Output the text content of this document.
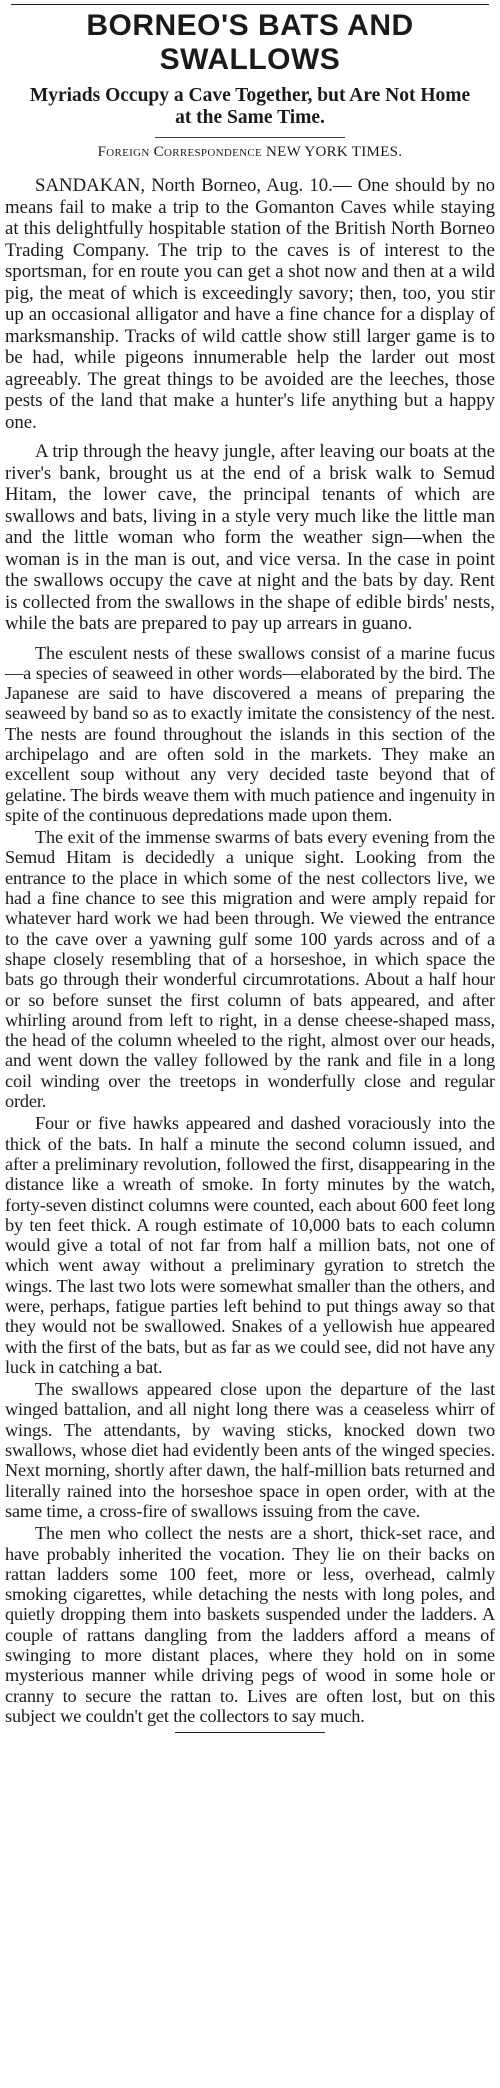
BORNEO'S BATS AND SWALLOWS
Myriads Occupy a Cave Together, but Are Not Home at the Same Time.
Foreign Correspondence NEW YORK TIMES.

SANDAKAN, North Borneo, Aug. 10.— One should by no means fail to make a trip to the Gomanton Caves while staying at this delightfully hospitable station of the British North Borneo Trading Company. The trip to the caves is of interest to the sportsman, for en route you can get a shot now and then at a wild pig, the meat of which is exceedingly savory; then, too, you stir up an occasional alligator and have a fine chance for a display of marksmanship. Tracks of wild cattle show still larger game is to be had, while pigeons innumerable help the larder out most agreeably. The great things to be avoided are the leeches, those pests of the land that make a hunter's life anything but a happy one.

A trip through the heavy jungle, after leaving our boats at the river's bank, brought us at the end of a brisk walk to Semud Hitam, the lower cave, the principal tenants of which are swallows and bats, living in a style very much like the little man and the little woman who form the weather sign—when the woman is in the man is out, and vice versa. In the case in point the swallows occupy the cave at night and the bats by day. Rent is collected from the swallows in the shape of edible birds' nests, while the bats are prepared to pay up arrears in guano.

The esculent nests of these swallows consist of a marine fucus—a species of seaweed in other words—elaborated by the bird. The Japanese are said to have discovered a means of preparing the seaweed by band so as to exactly imitate the consistency of the nest. The nests are found throughout the islands in this section of the archipelago and are often sold in the markets. They make an excellent soup without any very decided taste beyond that of gelatine. The birds weave them with much patience and ingenuity in spite of the continuous depredations made upon them.

The exit of the immense swarms of bats every evening from the Semud Hitam is decidedly a unique sight. Looking from the entrance to the place in which some of the nest collectors live, we had a fine chance to see this migration and were amply repaid for whatever hard work we had been through. We viewed the entrance to the cave over a yawning gulf some 100 yards across and of a shape closely resembling that of a horseshoe, in which space the bats go through their wonderful circumrotations. About a half hour or so before sunset the first column of bats appeared, and after whirling around from left to right, in a dense cheese-shaped mass, the head of the column wheeled to the right, almost over our heads, and went down the valley followed by the rank and file in a long coil winding over the treetops in wonderfully close and regular order.

Four or five hawks appeared and dashed voraciously into the thick of the bats. In half a minute the second column issued, and after a preliminary revolution, followed the first, disappearing in the distance like a wreath of smoke. In forty minutes by the watch, forty-seven distinct columns were counted, each about 600 feet long by ten feet thick. A rough estimate of 10,000 bats to each column would give a total of not far from half a million bats, not one of which went away without a preliminary gyration to stretch the wings. The last two lots were somewhat smaller than the others, and were, perhaps, fatigue parties left behind to put things away so that they would not be swallowed. Snakes of a yellowish hue appeared with the first of the bats, but as far as we could see, did not have any luck in catching a bat.

The swallows appeared close upon the departure of the last winged battalion, and all night long there was a ceaseless whirr of wings. The attendants, by waving sticks, knocked down two swallows, whose diet had evidently been ants of the winged species. Next morning, shortly after dawn, the half-million bats returned and literally rained into the horseshoe space in open order, with at the same time, a cross-fire of swallows issuing from the cave.

The men who collect the nests are a short, thick-set race, and have probably inherited the vocation. They lie on their backs on rattan ladders some 100 feet, more or less, overhead, calmly smoking cigarettes, while detaching the nests with long poles, and quietly dropping them into baskets suspended under the ladders. A couple of rattans dangling from the ladders afford a means of swinging to more distant places, where they hold on in some mysterious manner while driving pegs of wood in some hole or cranny to secure the rattan to. Lives are often lost, but on this subject we couldn't get the collectors to say much.
